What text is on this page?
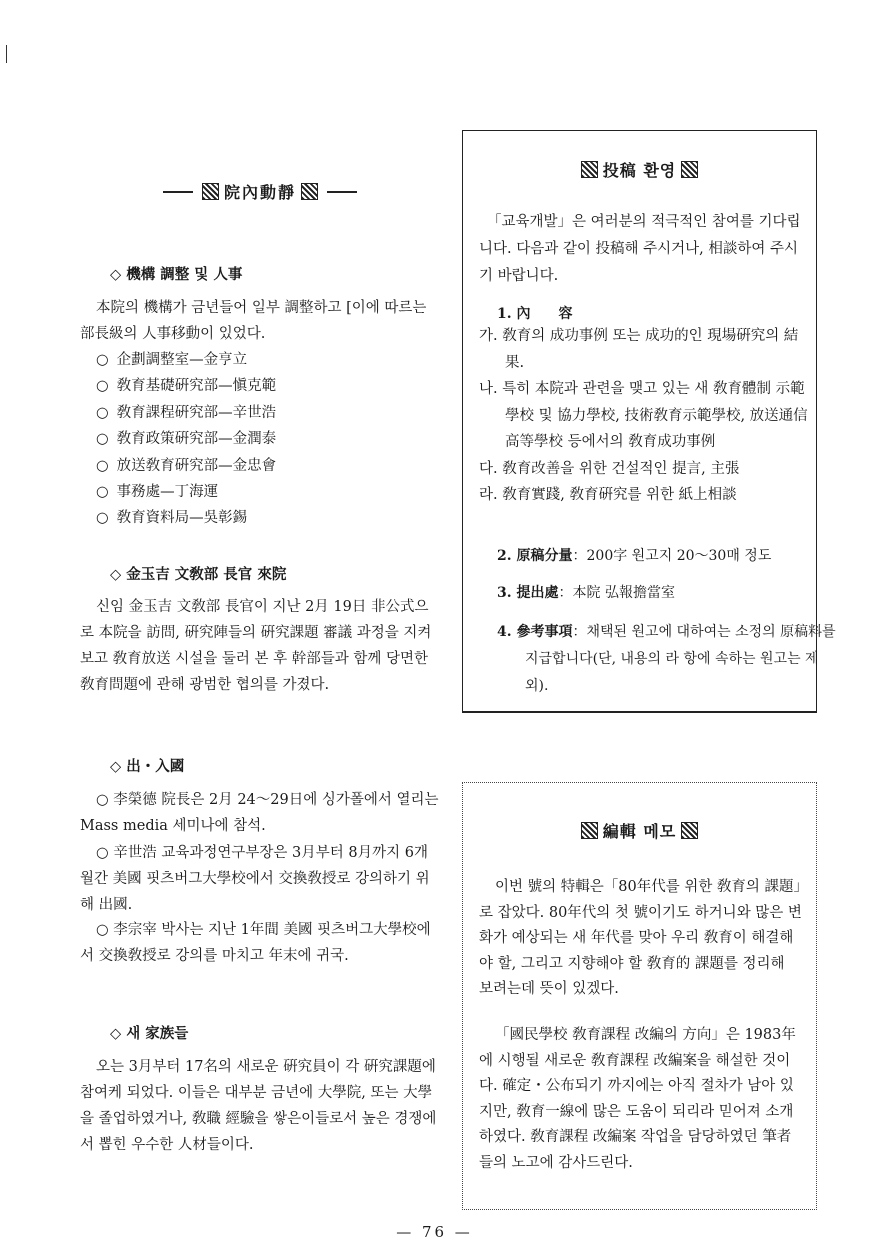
院內動靜
◇ 機構 調整 및 人事
本院의 機構가 금년들어 일부 調整하고 [이에 따르는 部長級의 人事移動이 있었다.
○ 企劃調整室—金亨立
○ 敎育基礎硏究部—愼克範
○ 敎育課程硏究部—辛世浩
○ 敎育政策硏究部—金潤泰
○ 放送敎育硏究部—金忠會
○ 事務處—丁海運
○ 敎育資料局—吳彰錫
◇ 金玉吉 文敎部 長官 來院
신임 金玉吉 文敎部 長官이 지난 2月 19日 非公式으로 本院을 訪問, 硏究陣들의 硏究課題 審議 과정을 지켜보고 敎育放送 시설을 둘러 본 후 幹部들과 함께 당면한 敎育問題에 관해 광범한 협의를 가졌다.
◇ 出・入國
○ 李榮德 院長은 2月 24～29日에 싱가폴에서 열리는 Mass media 세미나에 참석.
○ 辛世浩 교육과정연구부장은 3月부터 8月까지 6개월간 美國 핏츠버그大學校에서 交換敎授로 강의하기 위해 出國.
○ 李宗宰 박사는 지난 1年間 美國 핏츠버그大學校에서 交換敎授로 강의를 마치고 年末에 귀국.
◇ 새 家族들
오는 3月부터 17名의 새로운 硏究員이 각 硏究課題에 참여케 되었다. 이들은 대부분 금년에 大學院, 또는 大學을 졸업하였거나, 敎職 經驗을 쌓은이들로서 높은 경쟁에서 뽑힌 우수한 人材들이다.
投稿 환영
「교육개발」은 여러분의 적극적인 참여를 기다립니다. 다음과 같이 投稿해 주시거나, 相談하여 주시기 바랍니다.
1. 內　　容
가. 敎育의 成功事例 또는 成功的인 現場硏究의 結果.
나. 특히 本院과 관련을 맺고 있는 새 敎育體制 示範學校 및 協力學校, 技術敎育示範學校, 放送通信高等學校 등에서의 敎育成功事例
다. 敎育改善을 위한 건설적인 提言, 主張
라. 敎育實踐, 敎育硏究를 위한 紙上相談
2. 原稿分量：200字 원고지 20～30매 정도
3. 提出處：本院 弘報擔當室
4. 參考事項：채택된 원고에 대하여는 소정의 原稿料를 지급합니다(단, 내용의 라 항에 속하는 원고는 제외).
編輯 메모
이번 號의 特輯은「80年代를 위한 敎育의 課題」로 잡았다. 80年代의 첫 號이기도 하거니와 많은 변화가 예상되는 새 年代를 맞아 우리 敎育이 해결해야 할, 그리고 지향해야 할 敎育的 課題를 정리해 보려는데 뜻이 있겠다.
「國民學校 敎育課程 改編의 方向」은 1983年에 시행될 새로운 敎育課程 改編案을 해설한 것이다. 確定・公布되기 까지에는 아직 절차가 남아 있지만, 敎育一線에 많은 도움이 되리라 믿어져 소개하였다. 敎育課程 改編案 작업을 담당하였던 筆者들의 노고에 감사드린다.
— 76 —
